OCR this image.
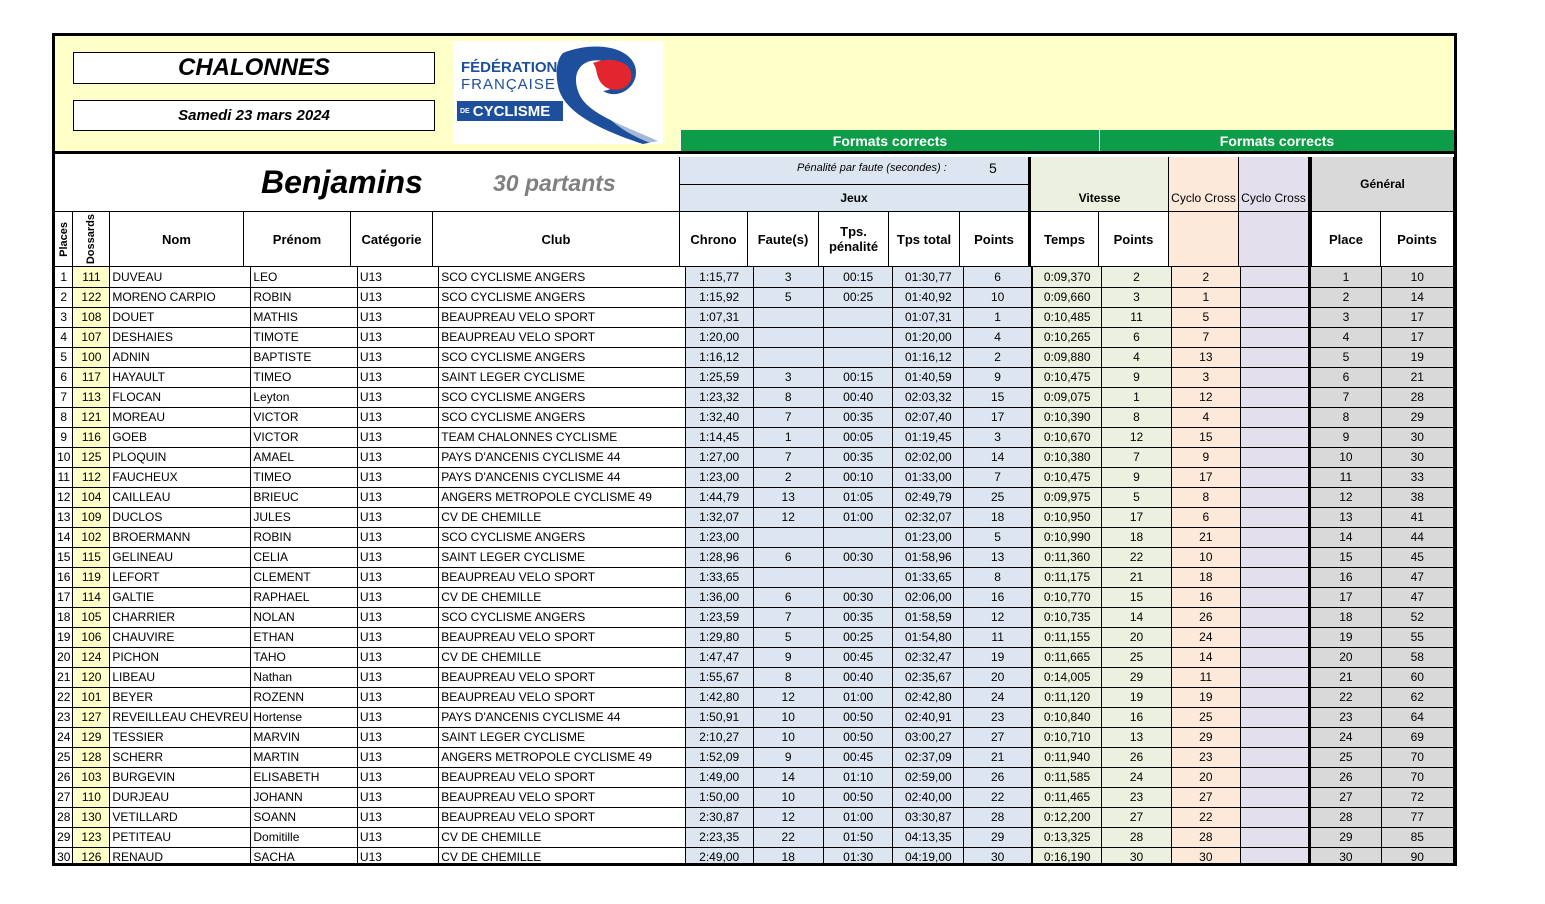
CHALONNES
Samedi 23 mars 2024
FÉDÉRATION
FRANÇAISE
DE CYCLISME
Formats corrects	Formats corrects
Benjamins	30 partants
Pénalité par faute (secondes) :	5
Jeux	Vitesse	Cyclo Cross Cyclo Cross
Général
Places Dossards	Nom	Prénom	Catégorie	Club	Chrono	Faute(s)	Tps. pénalité	Tps total	Points	Temps	Points	Place	Points
1	111	DUVEAU	LEO	U13	SCO CYCLISME ANGERS	1:15,77	3	00:15	01:30,77	6	0:09,370	2	2		1	10
2	122	MORENO CARPIO	ROBIN	U13	SCO CYCLISME ANGERS	1:15,92	5	00:25	01:40,92	10	0:09,660	3	1		2	14
3	108	DOUET	MATHIS	U13	BEAUPREAU VELO SPORT	1:07,31			01:07,31	1	0:10,485	11	5		3	17
4	107	DESHAIES	TIMOTE	U13	BEAUPREAU VELO SPORT	1:20,00			01:20,00	4	0:10,265	6	7		4	17
5	100	ADNIN	BAPTISTE	U13	SCO CYCLISME ANGERS	1:16,12			01:16,12	2	0:09,880	4	13		5	19
6	117	HAYAULT	TIMEO	U13	SAINT LEGER CYCLISME	1:25,59	3	00:15	01:40,59	9	0:10,475	9	3		6	21
7	113	FLOCAN	Leyton	U13	SCO CYCLISME ANGERS	1:23,32	8	00:40	02:03,32	15	0:09,075	1	12		7	28
8	121	MOREAU	VICTOR	U13	SCO CYCLISME ANGERS	1:32,40	7	00:35	02:07,40	17	0:10,390	8	4		8	29
9	116	GOEB	VICTOR	U13	TEAM CHALONNES CYCLISME	1:14,45	1	00:05	01:19,45	3	0:10,670	12	15		9	30
10	125	PLOQUIN	AMAEL	U13	PAYS D'ANCENIS CYCLISME 44	1:27,00	7	00:35	02:02,00	14	0:10,380	7	9		10	30
11	112	FAUCHEUX	TIMEO	U13	PAYS D'ANCENIS CYCLISME 44	1:23,00	2	00:10	01:33,00	7	0:10,475	9	17		11	33
12	104	CAILLEAU	BRIEUC	U13	ANGERS METROPOLE CYCLISME 49	1:44,79	13	01:05	02:49,79	25	0:09,975	5	8		12	38
13	109	DUCLOS	JULES	U13	CV DE CHEMILLE	1:32,07	12	01:00	02:32,07	18	0:10,950	17	6		13	41
14	102	BROERMANN	ROBIN	U13	SCO CYCLISME ANGERS	1:23,00			01:23,00	5	0:10,990	18	21		14	44
15	115	GELINEAU	CELIA	U13	SAINT LEGER CYCLISME	1:28,96	6	00:30	01:58,96	13	0:11,360	22	10		15	45
16	119	LEFORT	CLEMENT	U13	BEAUPREAU VELO SPORT	1:33,65			01:33,65	8	0:11,175	21	18		16	47
17	114	GALTIE	RAPHAEL	U13	CV DE CHEMILLE	1:36,00	6	00:30	02:06,00	16	0:10,770	15	16		17	47
18	105	CHARRIER	NOLAN	U13	SCO CYCLISME ANGERS	1:23,59	7	00:35	01:58,59	12	0:10,735	14	26		18	52
19	106	CHAUVIRE	ETHAN	U13	BEAUPREAU VELO SPORT	1:29,80	5	00:25	01:54,80	11	0:11,155	20	24		19	55
20	124	PICHON	TAHO	U13	CV DE CHEMILLE	1:47,47	9	00:45	02:32,47	19	0:11,665	25	14		20	58
21	120	LIBEAU	Nathan	U13	BEAUPREAU VELO SPORT	1:55,67	8	00:40	02:35,67	20	0:14,005	29	11		21	60
22	101	BEYER	ROZENN	U13	BEAUPREAU VELO SPORT	1:42,80	12	01:00	02:42,80	24	0:11,120	19	19		22	62
23	127	REVEILLEAU CHEVREU	Hortense	U13	PAYS D'ANCENIS CYCLISME 44	1:50,91	10	00:50	02:40,91	23	0:10,840	16	25		23	64
24	129	TESSIER	MARVIN	U13	SAINT LEGER CYCLISME	2:10,27	10	00:50	03:00,27	27	0:10,710	13	29		24	69
25	128	SCHERR	MARTIN	U13	ANGERS METROPOLE CYCLISME 49	1:52,09	9	00:45	02:37,09	21	0:11,940	26	23		25	70
26	103	BURGEVIN	ELISABETH	U13	BEAUPREAU VELO SPORT	1:49,00	14	01:10	02:59,00	26	0:11,585	24	20		26	70
27	110	DURJEAU	JOHANN	U13	BEAUPREAU VELO SPORT	1:50,00	10	00:50	02:40,00	22	0:11,465	23	27		27	72
28	130	VETILLARD	SOANN	U13	BEAUPREAU VELO SPORT	2:30,87	12	01:00	03:30,87	28	0:12,200	27	22		28	77
29	123	PETITEAU	Domitille	U13	CV DE CHEMILLE	2:23,35	22	01:50	04:13,35	29	0:13,325	28	28		29	85
30	126	RENAUD	SACHA	U13	CV DE CHEMILLE	2:49,00	18	01:30	04:19,00	30	0:16,190	30	30		30	90
